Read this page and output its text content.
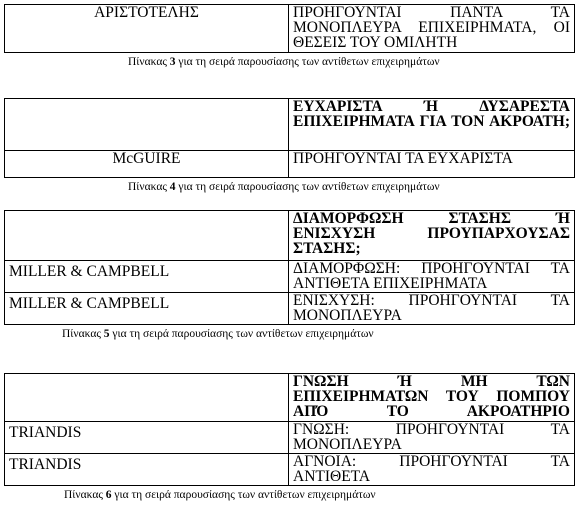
ΑΡΙΣΤΟΤΕΛΗΣ	ΠΡΟΗΓΟΥΝΤΑΙ ΠΑΝΤΑ ΤΑ ΜΟΝΟΠΛΕΥΡΑ ΕΠΙΧΕΙΡΗΜΑΤΑ, ΟΙ ΘΕΣΕΙΣ ΤΟΥ ΟΜΙΛΗΤΗ
Πίνακας 3 για τη σειρά παρουσίασης των αντίθετων επιχειρημάτων
	ΕΥΧΑΡΙΣΤΑ Ή ΔΥΣΑΡΕΣΤΑ ΕΠΙΧΕΙΡΗΜΑΤΑ ΓΙΑ ΤΟΝ ΑΚΡΟΑΤΗ;
McGUIRE	ΠΡΟΗΓΟΥΝΤΑΙ ΤΑ ΕΥΧΑΡΙΣΤΑ
Πίνακας 4 για τη σειρά παρουσίασης των αντίθετων επιχειρημάτων
	ΔΙΑΜΟΡΦΩΣΗ ΣΤΑΣΗΣ Ή ΕΝΙΣΧΥΣΗ ΠΡΟΥΠΑΡΧΟΥΣΑΣ ΣΤΑΣΗΣ;
MILLER & CAMPBELL	ΔΙΑΜΟΡΦΩΣΗ: ΠΡΟΗΓΟΥΝΤΑΙ ΤΑ ΑΝΤΙΘΕΤΑ ΕΠΙΧΕΙΡΗΜΑΤΑ
MILLER & CAMPBELL	ΕΝΙΣΧΥΣΗ: ΠΡΟΗΓΟΥΝΤΑΙ ΤΑ ΜΟΝΟΠΛΕΥΡΑ
Πίνακας 5 για τη σειρά παρουσίασης των αντίθετων επιχειρημάτων
	ΓΝΩΣΗ Ή ΜΗ ΤΩΝ ΕΠΙΧΕΙΡΗΜΑΤΩΝ ΤΟΥ ΠΟΜΠΟΥ ΑΠΌ ΤΟ ΑΚΡΟΑΤΗΡΙΟ
TRIANDIS	ΓΝΩΣΗ: ΠΡΟΗΓΟΥΝΤΑΙ ΤΑ ΜΟΝΟΠΛΕΥΡΑ
TRIANDIS	ΑΓΝΟΙΑ: ΠΡΟΗΓΟΥΝΤΑΙ ΤΑ ΑΝΤΙΘΕΤΑ
Πίνακας 6 για τη σειρά παρουσίασης των αντίθετων επιχειρημάτων
